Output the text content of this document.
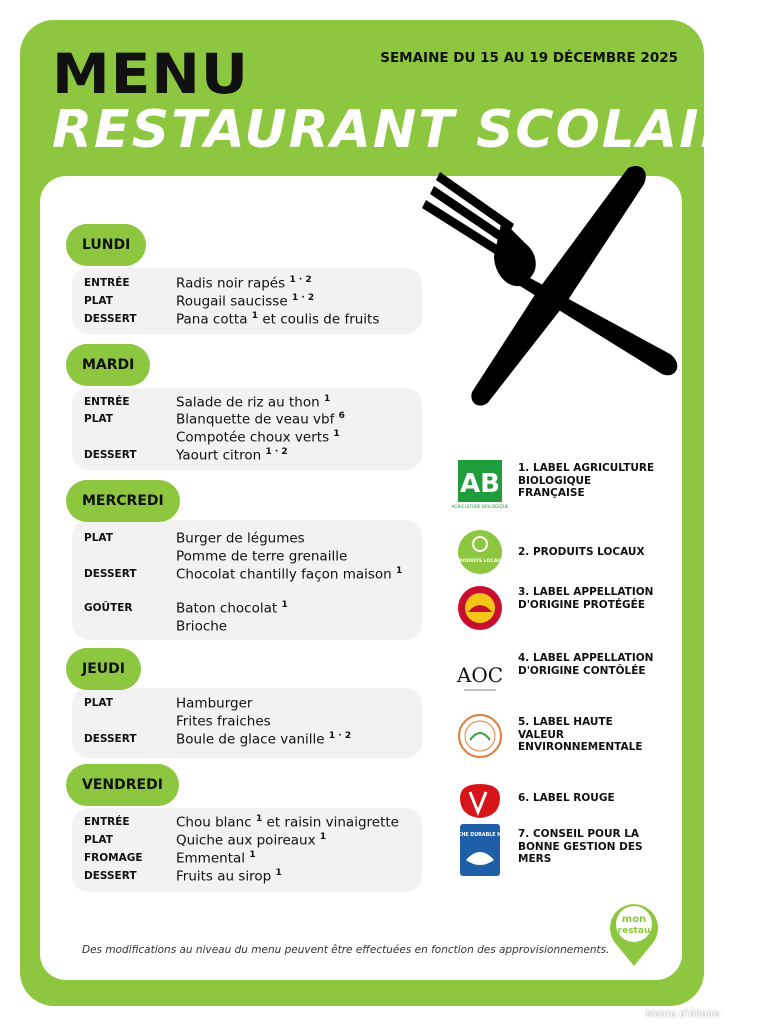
MENU	SEMAINE DU 15 AU 19 DÉCEMBRE 2025
RESTAURANT SCOLAIRE
LUNDI
ENTRÉE	Radis noir rapés $^{1 \cdot 2}$
PLAT	Rougail saucisse $^{1 \cdot 2}$
DESSERT	Pana cotta $^1$ et coulis de fruits
MARDI
ENTRÉE	Salade de riz au thon $^1$
PLAT	Blanquette de veau vbf $^6$
Compotée choux verts $^1$
DESSERT	Yaourt citron $^{1 \cdot 2}$
MERCREDI
PLAT	Burger de légumes
Pomme de terre grenaille
DESSERT	Chocolat chantilly façon maison $^1$
GOÛTER	Baton chocolat $^1$
Brioche
JEUDI
PLAT	Hamburger
Frites fraiches
DESSERT	Boule de glace vanille $^{1 \cdot 2}$
VENDREDI
ENTRÉE	Chou blanc $^1$ et raisin vinaigrette
PLAT	Quiche aux poireaux $^1$
FROMAGE	Emmental $^1$
DESSERT	Fruits au sirop $^1$
AB
AGRICULTURE BIOLOGIQUE
1. LABEL AGRICULTURE BIOLOGIQUE FRANÇAISE
PRODUITS LOCAUX
2. PRODUITS LOCAUX
3. LABEL APPELLATION D'ORIGINE PROTÉGÉE
AOC
4. LABEL APPELLATION D'ORIGINE CONTÔLÉE
5. LABEL HAUTE VALEUR ENVIRONNEMENTALE
6. LABEL ROUGE
PÊCHE DURABLE MSC 7. CONSEIL POUR LA BONNE GESTION DES MERS
mon
restau
Des modifications au niveau du menu peuvent être effectuées en fonction des approvisionnements.
Mairie d'Allaire
